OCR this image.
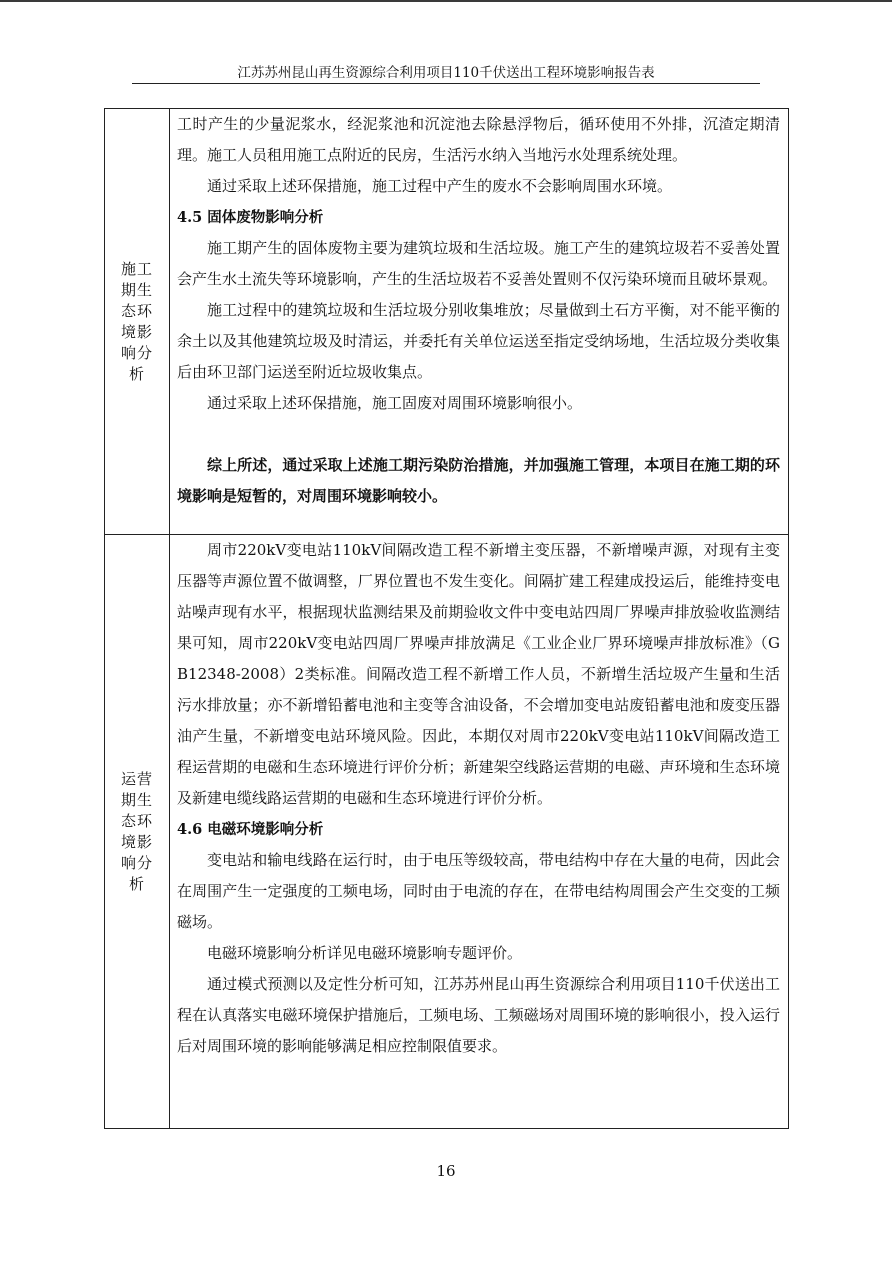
江苏苏州昆山再生资源综合利用项目110千伏送出工程环境影响报告表
施工期生态环境影响分析

工时产生的少量泥浆水，经泥浆池和沉淀池去除悬浮物后，循环使用不外排，沉渣定期清理。施工人员租用施工点附近的民房，生活污水纳入当地污水处理系统处理。

通过采取上述环保措施，施工过程中产生的废水不会影响周围水环境。

4.5 固体废物影响分析

施工期产生的固体废物主要为建筑垃圾和生活垃圾。施工产生的建筑垃圾若不妥善处置会产生水土流失等环境影响，产生的生活垃圾若不妥善处置则不仅污染环境而且破坏景观。

施工过程中的建筑垃圾和生活垃圾分别收集堆放；尽量做到土石方平衡，对不能平衡的余土以及其他建筑垃圾及时清运，并委托有关单位运送至指定受纳场地，生活垃圾分类收集后由环卫部门运送至附近垃圾收集点。

通过采取上述环保措施，施工固废对周围环境影响很小。

综上所述，通过采取上述施工期污染防治措施，并加强施工管理，本项目在施工期的环境影响是短暂的，对周围环境影响较小。

运营期生态环境影响分析

周市220kV变电站110kV间隔改造工程不新增主变压器，不新增噪声源，对现有主变压器等声源位置不做调整，厂界位置也不发生变化。间隔扩建工程建成投运后，能维持变电站噪声现有水平，根据现状监测结果及前期验收文件中变电站四周厂界噪声排放验收监测结果可知，周市220kV变电站四周厂界噪声排放满足《工业企业厂界环境噪声排放标准》（GB12348-2008）2类标准。间隔改造工程不新增工作人员，不新增生活垃圾产生量和生活污水排放量；亦不新增铅蓄电池和主变等含油设备，不会增加变电站废铅蓄电池和废变压器油产生量，不新增变电站环境风险。因此，本期仅对周市220kV变电站110kV间隔改造工程运营期的电磁和生态环境进行评价分析；新建架空线路运营期的电磁、声环境和生态环境及新建电缆线路运营期的电磁和生态环境进行评价分析。

4.6 电磁环境影响分析

变电站和输电线路在运行时，由于电压等级较高，带电结构中存在大量的电荷，因此会在周围产生一定强度的工频电场，同时由于电流的存在，在带电结构周围会产生交变的工频磁场。

电磁环境影响分析详见电磁环境影响专题评价。

通过模式预测以及定性分析可知，江苏苏州昆山再生资源综合利用项目110千伏送出工程在认真落实电磁环境保护措施后，工频电场、工频磁场对周围环境的影响很小，投入运行后对周围环境的影响能够满足相应控制限值要求。

16
